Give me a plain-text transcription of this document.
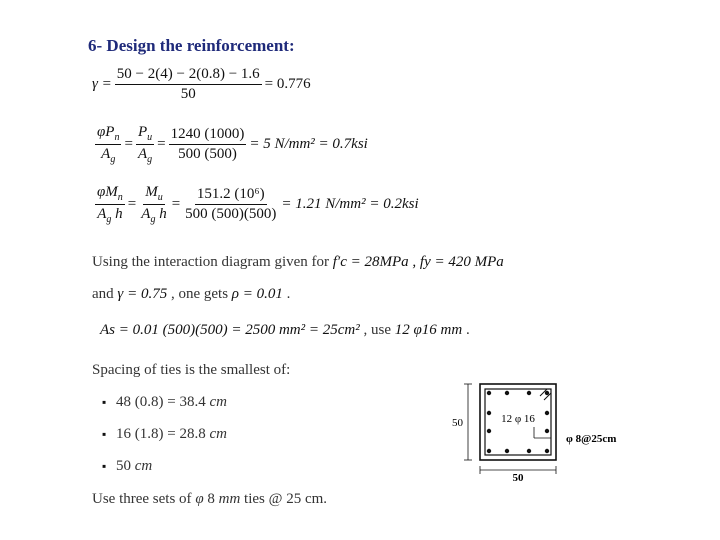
6- Design the reinforcement:
$\gamma = \frac{50 - 2(4) - 2(0.8) - 1.6}{50} = 0.776$
$\frac{\varphi P_n}{A_g} = \frac{P_u}{A_g} = \frac{1240 (1000)}{500 (500)} = 5$ N/mm² = 0.7ksi
$\frac{\varphi M_n}{A_g h} = \frac{M_u}{A_g h} = \frac{\text{151.2 (10⁶)}}{500 (500)(500)} = 1.21$ N/mm² = 0.2ksi
Using the interaction diagram given for f′c = 28MPa , fy = 420 MPa
and γ = 0.75 , one gets ρ = 0.01 .
As = 0.01 (500)(500) = 2500 mm² = 25cm² , use 12 φ16 mm .
Spacing of ties is the smallest of:
▪ 48 (0.8) = 38.4 cm
▪ 16 (1.8) = 28.8 cm
▪ 50 cm
Use three sets of φ 8 mm ties @ 25 cm.
50
50
12 φ 16
φ 8@25cm
